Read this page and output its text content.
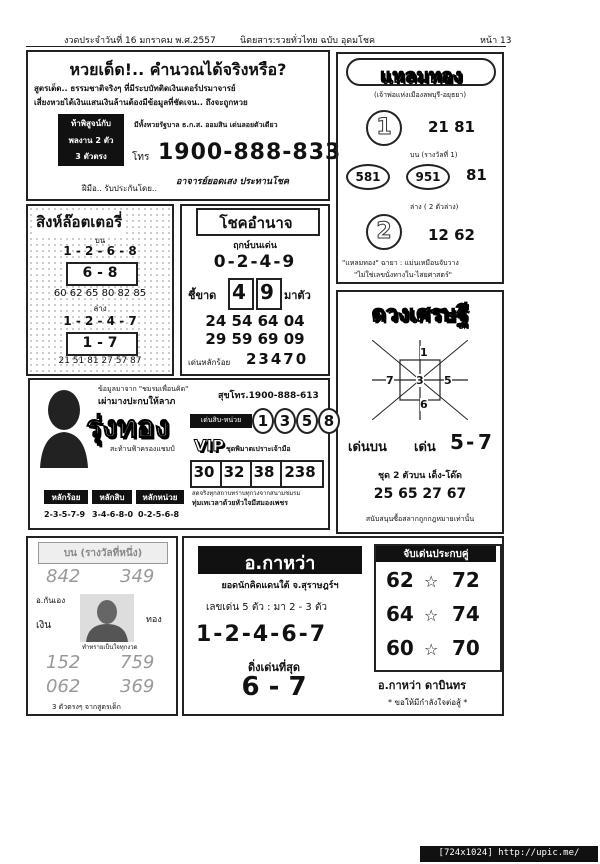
งวดประจำวันที่ 16 มกราคม พ.ศ.2557	นิตยสาร:รวยทั่วไทย ฉบับ อุดมโชค	หน้า 13
หวยเด็ด!.. คำนวณได้จริงหรือ?
สูตรเด็ด.. ธรรมชาติจริงๆ ที่มีระบบัทติดเงินเตอร์ปรมาจารย์
เสี่ยงหวยได้เงินแสนเงินล้านต้องมีข้อมูลที่ชัดเจน.. ถึงจะถูกหวย
ท้าพิสูจน์กับ
พลงาน 2 ตัว
3 ตัวตรง
มีทั้งหวยรัฐบาล ธ.ก.ส. ออมสิน เด่นลอยตัวเดียว
โทร 1900-888-833
อาจารย์ยอดเสง ประทานโชค
ฝีมือ.. รับประกันโดย..
แหลมทอง
(เจ้าพ่อแห่งเมืองลพบุรี-อยุธยา)
1	21 81
บน (รางวัลที่ 1)
581	951	81
ล่าง ( 2 ตัวล่าง)
2	12 62
"แหลมทอง" ฉายา : แม่นเหมือนจับวาง
"ไม่ใช่เลขนั่งทางใน-ไสยศาสตร์"
สิงห์ล๊อตเตอรี่
บน
1 - 2 - 6 - 8
6 - 8
60 62 65 80 82 85
ล่าง
1 - 2 - 4 - 7
1 - 7
21 51 81 27 57 87
โชคอำนาจ
ฤกษ์บนเด่น
0-2-4-9
ชี้ขาด 4 9 มาตัว
24 54 64 04
29 59 69 09
เด่นหลักร้อย 23470
ดวงเศรษฐี
1
7 3 5
6
เด่นบน เด่น 5 - 7
ชุด 2 ตัวบน เด็ง-โด๊ด
25 65 27 67
สนับสนุนซื้อสลากถูกกฎหมายเท่านั้น
ข้อมูลมาจาก "ชมรมเพื่อนคิด"
เผ่ามางปะกบให้ลาภ
สุขโทร.1900-888-613
รุ่งทอง
สะท้านฟ้าครองแชมป์
เด่นสิบ-หน่วย	1 3 5 8
VIP ชุดพิมาตเปราะเจ้ามือ
30 32 38 238
สดจริงทุกสถาบทราบทุกวงจากสนามชมรม
ทุ่มเทเวลาด้วยหัวใจมีสมองเพชร
หลักร้อย	หลักสิบ	หลักหน่วย
2-3-5-7-9 3-4-6-8-0 0-2-5-6-8
บน (รางวัลที่หนึ่ง)
842 349
อ.กันเอง
เงิน	ทอง
ทำทรายเป็นใจทุกงวด
152 759
062 369
3 ตัวตรงๆ จากสูตรเด็ก
อ.กาหว่า
ยอดนักคิดแดนใต้ จ.สุราษฎร์ฯ
เลขเด่น 5 ตัว : มา 2 - 3 ตัว
1-2-4-6-7
ดิ่งเด่นที่สุด
6 - 7
จับเด่นประกบคู่
62 ☆ 72
64 ☆ 74
60 ☆ 70
อ.กาหว่า ดาบินทร
* ขอให้มีกำลังใจต่อสู้ *
[724x1024] http://upic.me/
